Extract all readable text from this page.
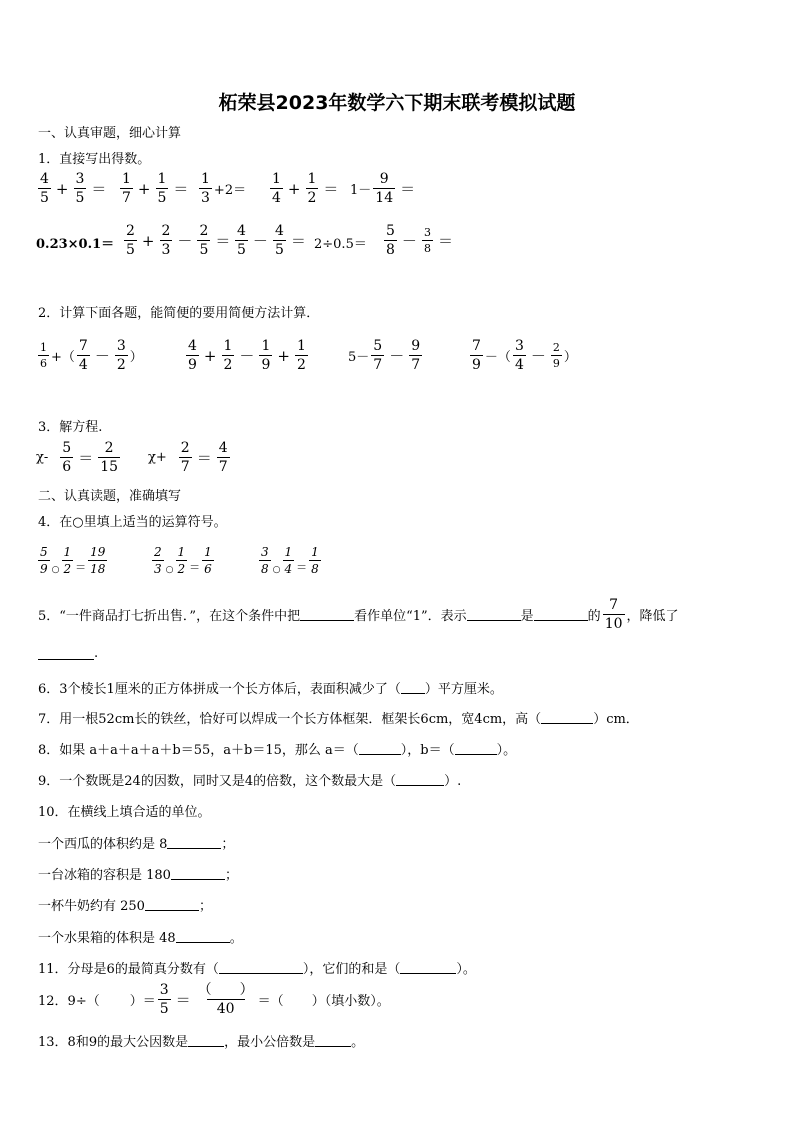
柘荣县2023年数学六下期末联考模拟试题
一、认真审题，细心计算
1．直接写出得数。
4
5
+ $\frac{3}{5}$ ＝
1
7
+ $\frac{1}{5}$ ＝
1
3 +2＝
1
4
+ $\frac{1}{2} = 1-$
9
14 ＝
0.23×0.1＝
2
5
+ $\frac{2}{3}$ －
2
5 ＝
4
5 －
4
5 ＝ 2÷0.5＝
5
8 － 3
8 ＝
2．计算下面各题，能简便的要用简便方法计算．
1
6 +（
7
4 －
3
2 ）
4
9
+ $\frac{1}{2}$ －
1
9
+ $\frac{1}{2}$	5－
5
7 －
9
7
7
9 －（
3
4 － 2
9 ）
3．解方程.
χ-
5
6 ＝
2
15
$\chi+ \frac{2}{7}$ ＝
4
7
二、认真读题，准确填写
4．在○里填上适当的运算符号。
5
9 ○
1
2 ＝
19
18
2
3 ○
1
2 ＝
1
6
3
8 ○
1
4 ＝
1
8
5．“一件商品打七折出售．”，在这个条件中把	看作单位“1”．表示	是	的
7
10 ，降低了
.
6．3个棱长1厘米的正方体拼成一个长方体后，表面积减少了（ ）平方厘米。
7．用一根52cm长的铁丝，恰好可以焊成一个长方体框架．框架长6cm，宽4cm，高（	）cm．
8．如果 a＋a＋a＋a＋b＝55，a＋b＝15，那么 a＝（	），b＝（	）。
9．一个数既是24的因数，同时又是4的倍数，这个数最大是（	）.
10．在横线上填合适的单位。
一个西瓜的体积约是 8	；
一台冰箱的容积是 180	；
一杯牛奶约有 250	；
一个水果箱的体积是 48	。
11．分母是6的最简真分数有（	），它们的和是（	）。
12．9÷（ ）＝
3
5 ＝
（　　）
40	＝（ ）（填小数）。
13．8和9的最大公因数是	，最小公倍数是	。
